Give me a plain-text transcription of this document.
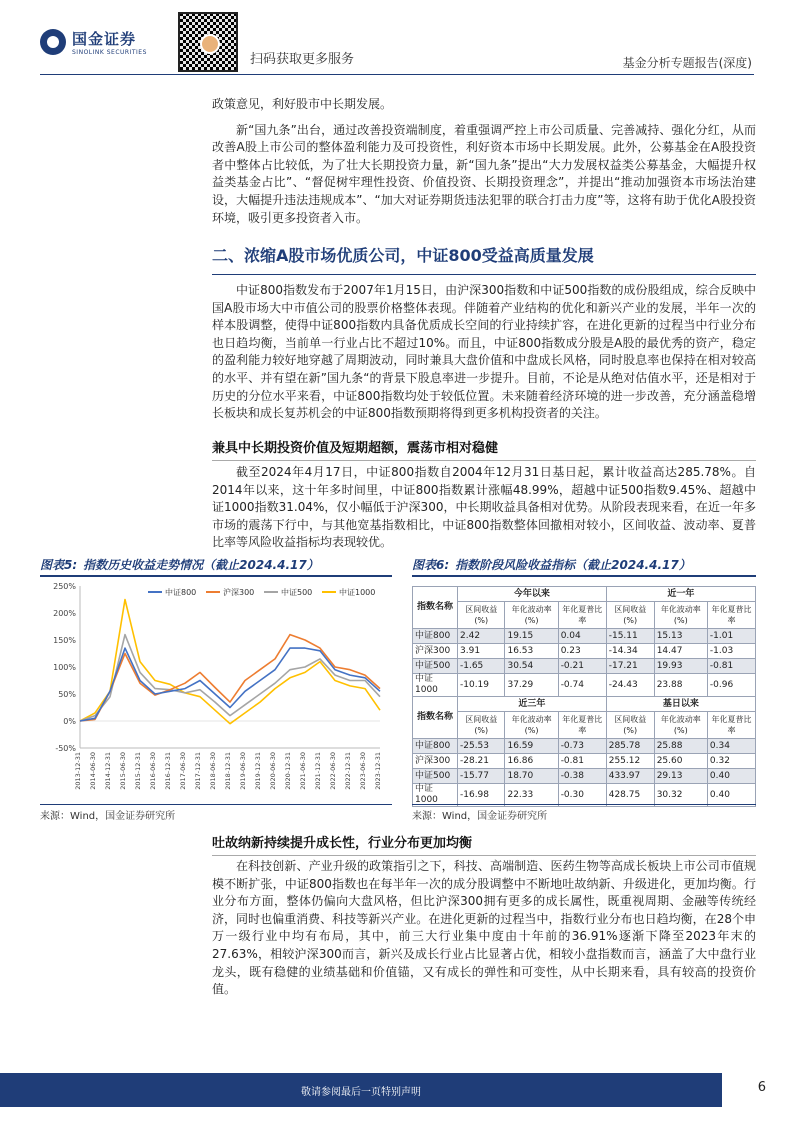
国金证券
SINOLINK SECURITIES	扫码获取更多服务	基金分析专题报告(深度)

政策意见，利好股市中长期发展。

新“国九条”出台，通过改善投资端制度，着重强调严控上市公司质量、完善减持、强化分红，从而改善A股上市公司的整体盈利能力及可投资性，利好资本市场中长期发展。此外，公募基金在A股投资者中整体占比较低，为了壮大长期投资力量，新“国九条”提出“大力发展权益类公募基金，大幅提升权益类基金占比”、“督促树牢理性投资、价值投资、长期投资理念”，并提出“推动加强资本市场法治建设，大幅提升违法违规成本”、“加大对证券期货违法犯罪的联合打击力度”等，这将有助于优化A股投资环境，吸引更多投资者入市。

二、浓缩A股市场优质公司，中证800受益高质量发展

中证800指数发布于2007年1月15日，由沪深300指数和中证500指数的成份股组成，综合反映中国A股市场大中市值公司的股票价格整体表现。伴随着产业结构的优化和新兴产业的发展，半年一次的样本股调整，使得中证800指数内具备优质成长空间的行业持续扩容，在进化更新的过程当中行业分布也日趋均衡，当前单一行业占比不超过10%。而且，中证800指数成分股是A股的最优秀的资产，稳定的盈利能力较好地穿越了周期波动，同时兼具大盘价值和中盘成长风格，同时股息率也保持在相对较高的水平、并有望在新”国九条“的背景下股息率进一步提升。目前，不论是从绝对估值水平，还是相对于历史的分位水平来看，中证800指数均处于较低位置。未来随着经济环境的进一步改善，充分涵盖稳增长板块和成长复苏机会的中证800指数预期将得到更多机构投资者的关注。

兼具中长期投资价值及短期超额，震荡市相对稳健

截至2024年4月17日，中证800指数自2004年12月31日基日起，累计收益高达285.78%。自2014年以来，这十年多时间里，中证800指数累计涨幅48.99%，超越中证500指数9.45%、超越中证1000指数31.04%，仅小幅低于沪深300，中长期收益具备相对优势。从阶段表现来看，在近一年多市场的震荡下行中，与其他宽基指数相比，中证800指数整体回撤相对较小，区间收益、波动率、夏普比率等风险收益指标均表现较优。

图表5: 指数历史收益走势情况（截止2024.4.17）	图表6: 指数阶段风险收益指标（截止2024.4.17）
250%
200%
150%
100%
50%
0%
-50%
2013-12-31 2014-06-30 2014-12-31 2015-06-30 2015-12-31 2016-06-30 2016-12-31 2017-06-30 2017-12-31 2018-06-30 2018-12-31 2019-06-30 2019-12-31 2020-06-30 2020-12-31 2021-06-30 2021-12-31 2022-06-30 2022-12-31 2023-06-30 2023-12-31
中证800	沪深300	中证500	中证1000
指数名称	今年以来			近一年		
	区间收益(%)	年化波动率(%)	年化夏普比率	区间收益(%)	年化波动率(%)	年化夏普比率
中证800	2.42	19.15	0.04	-15.11	15.13	-1.01
沪深300	3.91	16.53	0.23	-14.34	14.47	-1.03
中证500	-1.65	30.54	-0.21	-17.21	19.93	-0.81
中证1000	-10.19	37.29	-0.74	-24.43	23.88	-0.96
指数名称	近三年			基日以来		
	区间收益(%)	年化波动率(%)	年化夏普比率	区间收益(%)	年化波动率(%)	年化夏普比率
中证800	-25.53	16.59	-0.73	285.78	25.88	0.34
沪深300	-28.21	16.86	-0.81	255.12	25.60	0.32
中证500	-15.77	18.70	-0.38	433.97	29.13	0.40
中证1000	-16.98	22.33	-0.30	428.75	30.32	0.40
来源：Wind，国金证券研究所	来源：Wind，国金证券研究所
吐故纳新持续提升成长性，行业分布更加均衡

在科技创新、产业升级的政策指引之下，科技、高端制造、医药生物等高成长板块上市公司市值规模不断扩张，中证800指数也在每半年一次的成分股调整中不断地吐故纳新、升级进化，更加均衡。行业分布方面，整体仍偏向大盘风格，但比沪深300拥有更多的成长属性，既重视周期、金融等传统经济，同时也偏重消费、科技等新兴产业。在进化更新的过程当中，指数行业分布也日趋均衡，在28个申万一级行业中均有布局，其中，前三大行业集中度由十年前的36.91%逐渐下降至2023年末的27.63%，相较沪深300而言，新兴及成长行业占比显著占优，相较小盘指数而言，涵盖了大中盘行业龙头，既有稳健的业绩基础和价值锚，又有成长的弹性和可变性，从中长期来看，具有较高的投资价值。

敬请参阅最后一页特别声明	6
